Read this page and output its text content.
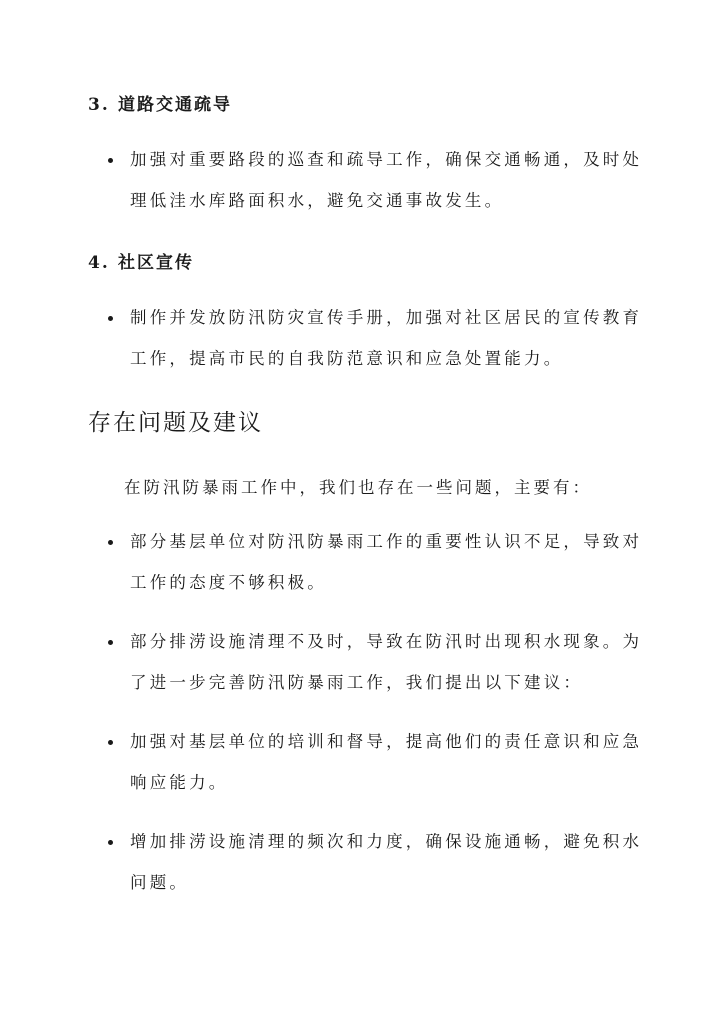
3. 道路交通疏导
加强对重要路段的巡查和疏导工作，确保交通畅通，及时处
理低洼水库路面积水，避免交通事故发生。
4. 社区宣传
制作并发放防汛防灾宣传手册，加强对社区居民的宣传教育
工作，提高市民的自我防范意识和应急处置能力。
存在问题及建议
在防汛防暴雨工作中，我们也存在一些问题，主要有：
部分基层单位对防汛防暴雨工作的重要性认识不足，导致对
工作的态度不够积极。
部分排涝设施清理不及时，导致在防汛时出现积水现象。为
了进一步完善防汛防暴雨工作，我们提出以下建议：
加强对基层单位的培训和督导，提高他们的责任意识和应急
响应能力。
增加排涝设施清理的频次和力度，确保设施通畅，避免积水
问题。
